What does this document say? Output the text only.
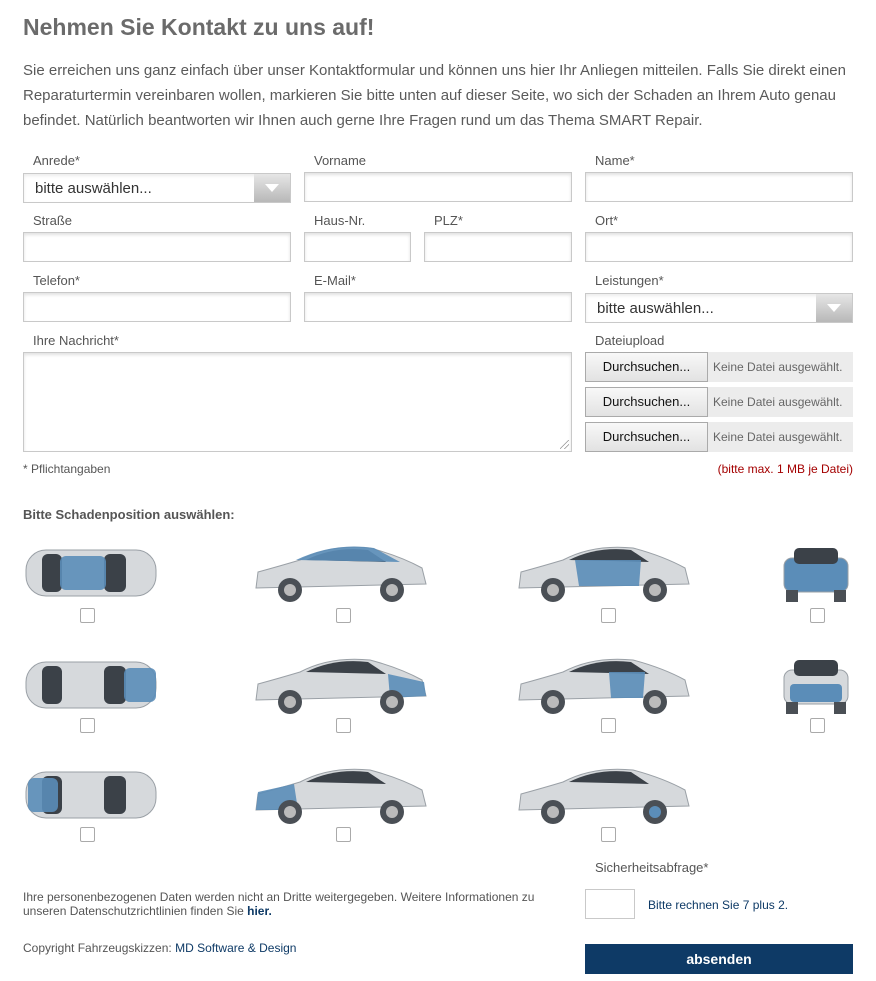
Nehmen Sie Kontakt zu uns auf!
Sie erreichen uns ganz einfach über unser Kontaktformular und können uns hier Ihr Anliegen mitteilen. Falls Sie direkt einen Reparaturtermin vereinbaren wollen, markieren Sie bitte unten auf dieser Seite, wo sich der Schaden an Ihrem Auto genau befindet. Natürlich beantworten wir Ihnen auch gerne Ihre Fragen rund um das Thema SMART Repair.
Anrede*
bitte auswählen...
Vorname	Name*
Straße	Haus-Nr.	PLZ*	Ort*
Telefon*	E-Mail*	Leistungen*
bitte auswählen...
Ihre Nachricht*	Dateiupload
Durchsuchen...	Keine Datei ausgewählt.
Durchsuchen...	Keine Datei ausgewählt.
Durchsuchen...	Keine Datei ausgewählt.
* Pflichtangaben	(bitte max. 1 MB je Datei)
Bitte Schadenposition auswählen:
Ihre personenbezogenen Daten werden nicht an Dritte weitergegeben. Weitere Informationen zu unseren Datenschutzrichtlinien finden Sie hier.
Copyright Fahrzeugskizzen: MD Software & Design
Sicherheitsabfrage*
Bitte rechnen Sie 7 plus 2.
absenden
